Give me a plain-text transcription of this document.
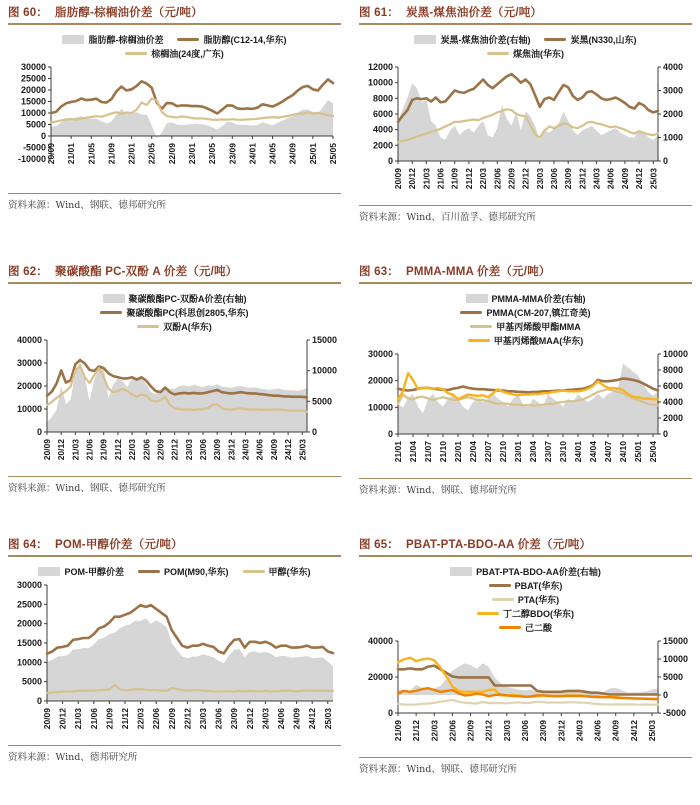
图 60： 脂肪醇-棕榈油价差（元/吨）
脂肪醇-棕榈油价差	脂肪醇(C12-14,华东)
棕榈油(24度,广东)
-10000
-5000
0
5000
10000
15000
20000
25000
30000
20/09 21/01 21/05 21/09 22/01 22/05 22/09 23/01 23/05 23/09 24/01 24/05 24/09 25/01 25/05

资料来源：Wind、钢联、德邦研究所

图 61： 炭黑-煤焦油价差（元/吨）
炭黑-煤焦油价差(右轴)	炭黑(N330,山东)
煤焦油(华东)
0
2000
4000
6000
8000
10000
12000
0
1000
2000
3000
4000
20/09 20/12 21/03 21/06 21/09 21/12 22/03 22/06 22/09 22/12 23/03 23/06 23/09 23/12 24/03 24/06 24/09 24/12 25/03

资料来源：Wind、百川盈孚、德邦研究所

图 62： 聚碳酸酯 PC-双酚 A 价差（元/吨）
聚碳酸酯PC-双酚A价差(右轴)
聚碳酸酯PC(科思创2805,华东)
双酚A(华东)
0
10000
20000
30000
40000
0
5000
10000
15000
20/09 20/12 21/03 21/06 21/09 21/12 22/03 22/06 22/09 22/12 23/03 23/06 23/09 23/12 24/03 24/06 24/09 24/12 25/03

资料来源：Wind、钢联、德邦研究所

图 63： PMMA-MMA 价差（元/吨）
PMMA-MMA价差(右轴)
PMMA(CM-207,镇江奇美)
甲基丙烯酸甲酯MMA
甲基丙烯酸MAA(华东)
0
10000
20000
30000
0
2000
4000
6000
8000
10000
21/01 21/04 21/07 21/10 22/01 22/04 22/07 22/10 23/01 23/04 23/07 23/10 24/01 24/04 24/07 24/10 25/01 25/04

资料来源：Wind、钢联、德邦研究所

图 64： POM-甲醇价差（元/吨）
POM-甲醇价差	POM(M90,华东)	甲醇(华东)
0
5000
10000
15000
20000
25000
30000
20/09 20/12 21/03 21/06 21/09 21/12 22/03 22/06 22/09 22/12 23/03 23/06 23/09 23/12 24/03 24/06 24/09 24/12 25/03

资料来源：Wind、德邦研究所

图 65： PBAT-PTA-BDO-AA 价差（元/吨）
PBAT-PTA-BDO-AA价差(右轴)
PBAT(华东)
PTA(华东)
丁二醇BDO(华东)
己二酸
0
20000
40000
-5000
0
5000
10000
15000
21/09 21/12 22/03 22/06 22/09 22/12 23/03 23/06 23/09 23/12 24/03 24/06 24/09 24/12 25/03

资料来源：Wind、钢联、德邦研究所
